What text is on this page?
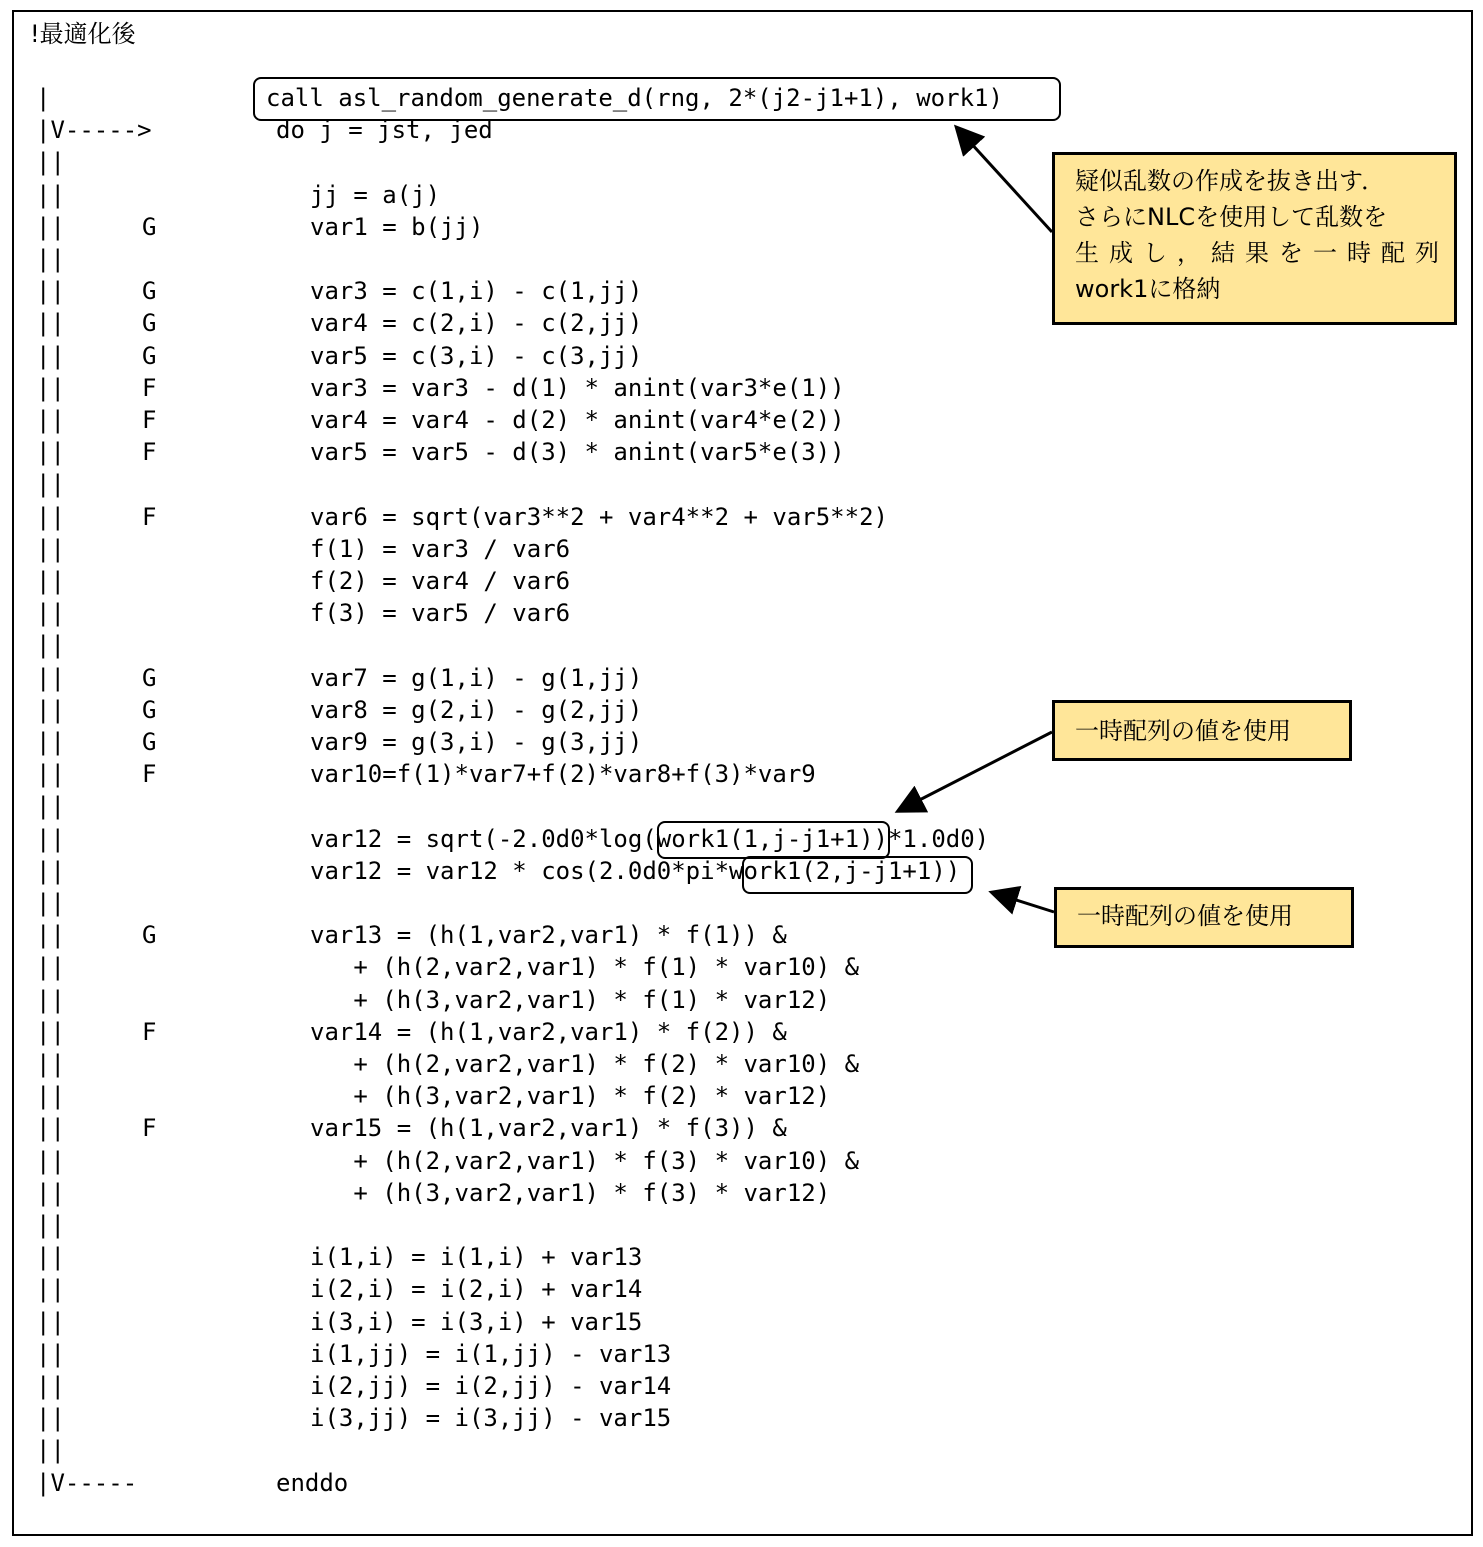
!最適化後
|	call asl_random_generate_d(rng, 2*(j2-j1+1), work1)
|V----->	do j = jst, jed
||
||	jj = a(j)
||	G	var1 = b(jj)
||
||	G	var3 = c(1,i) - c(1,jj)
||	G	var4 = c(2,i) - c(2,jj)
||	G	var5 = c(3,i) - c(3,jj)
||	F	var3 = var3 - d(1) * anint(var3*e(1))
||	F	var4 = var4 - d(2) * anint(var4*e(2))
||	F	var5 = var5 - d(3) * anint(var5*e(3))
||
||	F	var6 = sqrt(var3**2 + var4**2 + var5**2)
||	f(1) = var3 / var6
||	f(2) = var4 / var6
||	f(3) = var5 / var6
||
||	G	var7 = g(1,i) - g(1,jj)
||	G	var8 = g(2,i) - g(2,jj)
||	G	var9 = g(3,i) - g(3,jj)
||	F	var10=f(1)*var7+f(2)*var8+f(3)*var9
||
||	var12 = sqrt(-2.0d0*log(work1(1,j-j1+1))*1.0d0)
||	var12 = var12 * cos(2.0d0*pi*work1(2,j-j1+1))
||
||	G	var13 = (h(1,var2,var1) * f(1)) &
||	+ (h(2,var2,var1) * f(1) * var10) &
||	+ (h(3,var2,var1) * f(1) * var12)
||	F	var14 = (h(1,var2,var1) * f(2)) &
||	+ (h(2,var2,var1) * f(2) * var10) &
||	+ (h(3,var2,var1) * f(2) * var12)
||	F	var15 = (h(1,var2,var1) * f(3)) &
||	+ (h(2,var2,var1) * f(3) * var10) &
||	+ (h(3,var2,var1) * f(3) * var12)
||
||	i(1,i) = i(1,i) + var13
||	i(2,i) = i(2,i) + var14
||	i(3,i) = i(3,i) + var15
||	i(1,jj) = i(1,jj) - var13
||	i(2,jj) = i(2,jj) - var14
||	i(3,jj) = i(3,jj) - var15
||
|V-----	enddo
疑似乱数の作成を抜き出す．
さらにNLCを使用して乱数を
生成し，結果を一時配列
work1に格納
一時配列の値を使用
一時配列の値を使用
